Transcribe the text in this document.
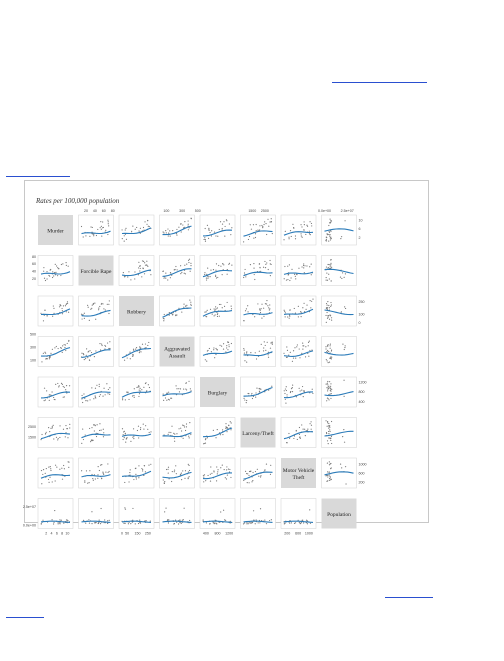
Rates per 100,000 population
Murder
Forcible Rape
Robbery
Aggravated
Assault
Burglary
Larceny/Theft
Motor Vehicle
Theft
Population
20 40 60 80	100	300	500	1500 2500	0.0e+00	2.5e+07
2 4 6 8 10	0 50 150 250	400 800 1200	200 600 1000
20
40
60
80
100
300
500
1500
2500
0.0e+00
2.5e+07
2
6
10
0
100
250
400
800
1200
200
600
1000
